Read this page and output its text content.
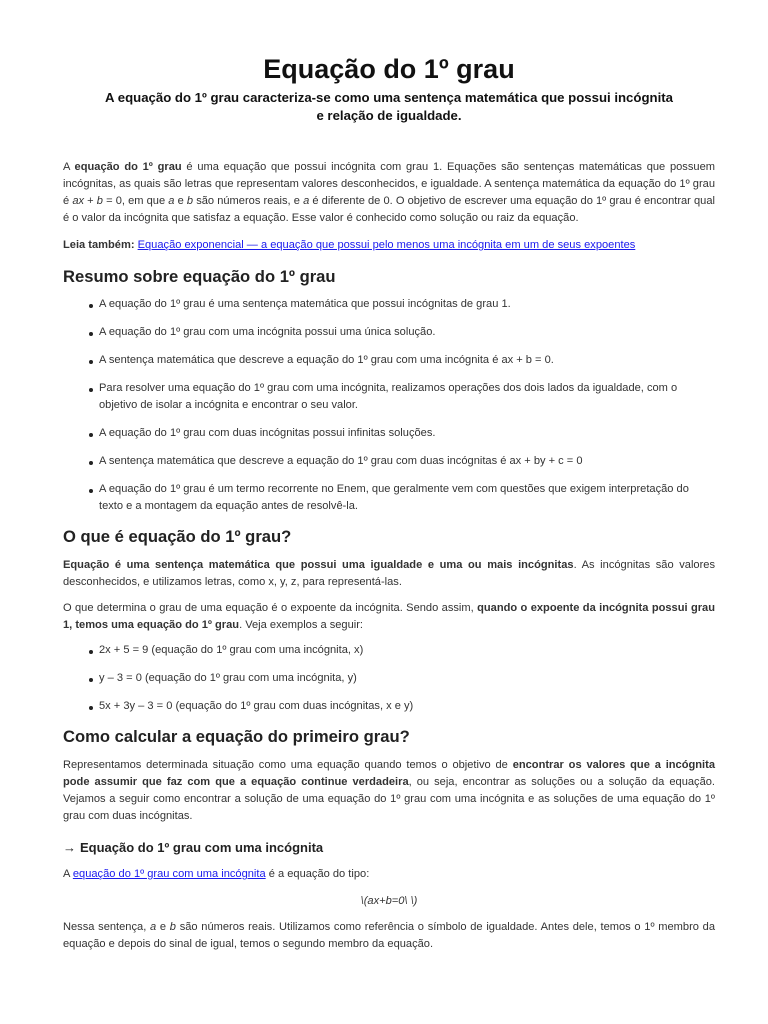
Equação do 1º grau
A equação do 1º grau caracteriza-se como uma sentença matemática que possui incógnita e relação de igualdade.

A equação do 1º grau é uma equação que possui incógnita com grau 1. Equações são sentenças matemáticas que possuem incógnitas, as quais são letras que representam valores desconhecidos, e igualdade. A sentença matemática da equação do 1º grau é ax + b = 0, em que a e b são números reais, e a é diferente de 0. O objetivo de escrever uma equação do 1º grau é encontrar qual é o valor da incógnita que satisfaz a equação. Esse valor é conhecido como solução ou raiz da equação.

Leia também: Equação exponencial — a equação que possui pelo menos uma incógnita em um de seus expoentes

Resumo sobre equação do 1º grau
A equação do 1º grau é uma sentença matemática que possui incógnitas de grau 1.
A equação do 1º grau com uma incógnita possui uma única solução.
A sentença matemática que descreve a equação do 1º grau com uma incógnita é ax + b = 0.
Para resolver uma equação do 1º grau com uma incógnita, realizamos operações dos dois lados da igualdade, com o objetivo de isolar a incógnita e encontrar o seu valor.
A equação do 1º grau com duas incógnitas possui infinitas soluções.
A sentença matemática que descreve a equação do 1º grau com duas incógnitas é ax + by + c = 0
A equação do 1º grau é um termo recorrente no Enem, que geralmente vem com questões que exigem interpretação do texto e a montagem da equação antes de resolvê-la.
O que é equação do 1º grau?

Equação é uma sentença matemática que possui uma igualdade e uma ou mais incógnitas. As incógnitas são valores desconhecidos, e utilizamos letras, como x, y, z, para representá-las.

O que determina o grau de uma equação é o expoente da incógnita. Sendo assim, quando o expoente da incógnita possui grau 1, temos uma equação do 1º grau. Veja exemplos a seguir:

2x + 5 = 9 (equação do 1º grau com uma incógnita, x)
y – 3 = 0 (equação do 1º grau com uma incógnita, y)
5x + 3y – 3 = 0 (equação do 1º grau com duas incógnitas, x e y)
Como calcular a equação do primeiro grau?

Representamos determinada situação como uma equação quando temos o objetivo de encontrar os valores que a incógnita pode assumir que faz com que a equação continue verdadeira, ou seja, encontrar as soluções ou a solução da equação. Vejamos a seguir como encontrar a solução de uma equação do 1º grau com uma incógnita e as soluções de uma equação do 1º grau com duas incógnitas.

→ Equação do 1º grau com uma incógnita

A equação do 1º grau com uma incógnita é a equação do tipo:

\(ax+b=0\ \)

Nessa sentença, a e b são números reais. Utilizamos como referência o símbolo de igualdade. Antes dele, temos o 1º membro da equação e depois do sinal de igual, temos o segundo membro da equação.
